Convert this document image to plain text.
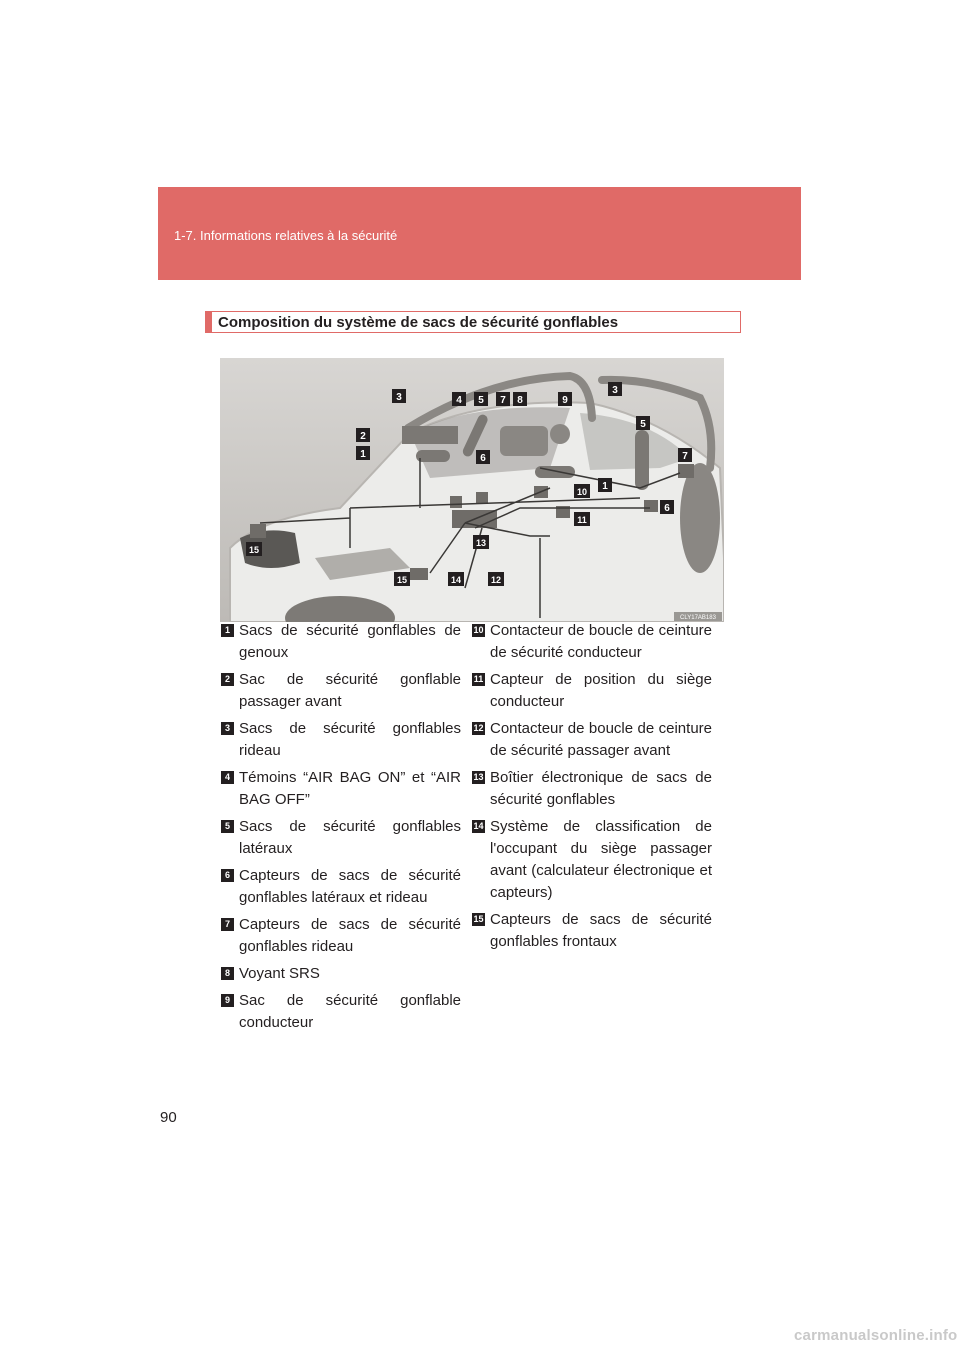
1-7. Informations relatives à la sécurité
Composition du système de sacs de sécurité gonflables
3	4 5 7 8	9
2
1	6
3
5
7
1
10
6
11
13
15
15	14	12
CLY17AB183
1 Sacs de sécurité gonflables de genoux
2 Sac de sécurité gonflable passager avant
3 Sacs de sécurité gonflables rideau
4 Témoins “AIR BAG ON” et “AIR BAG OFF”
5 Sacs de sécurité gonflables latéraux
6 Capteurs de sacs de sécurité gonflables latéraux et rideau
7 Capteurs de sacs de sécurité gonflables rideau
8 Voyant SRS
9 Sac de sécurité gonflable conducteur
10 Contacteur de boucle de ceinture de sécurité conducteur
11 Capteur de position du siège conducteur
12 Contacteur de boucle de ceinture de sécurité passager avant
13 Boîtier électronique de sacs de sécurité gonflables
14 Système de classification de l'occupant du siège passager avant (calculateur électronique et capteurs)
15 Capteurs de sacs de sécurité gonflables frontaux
90
carmanualsonline.info
